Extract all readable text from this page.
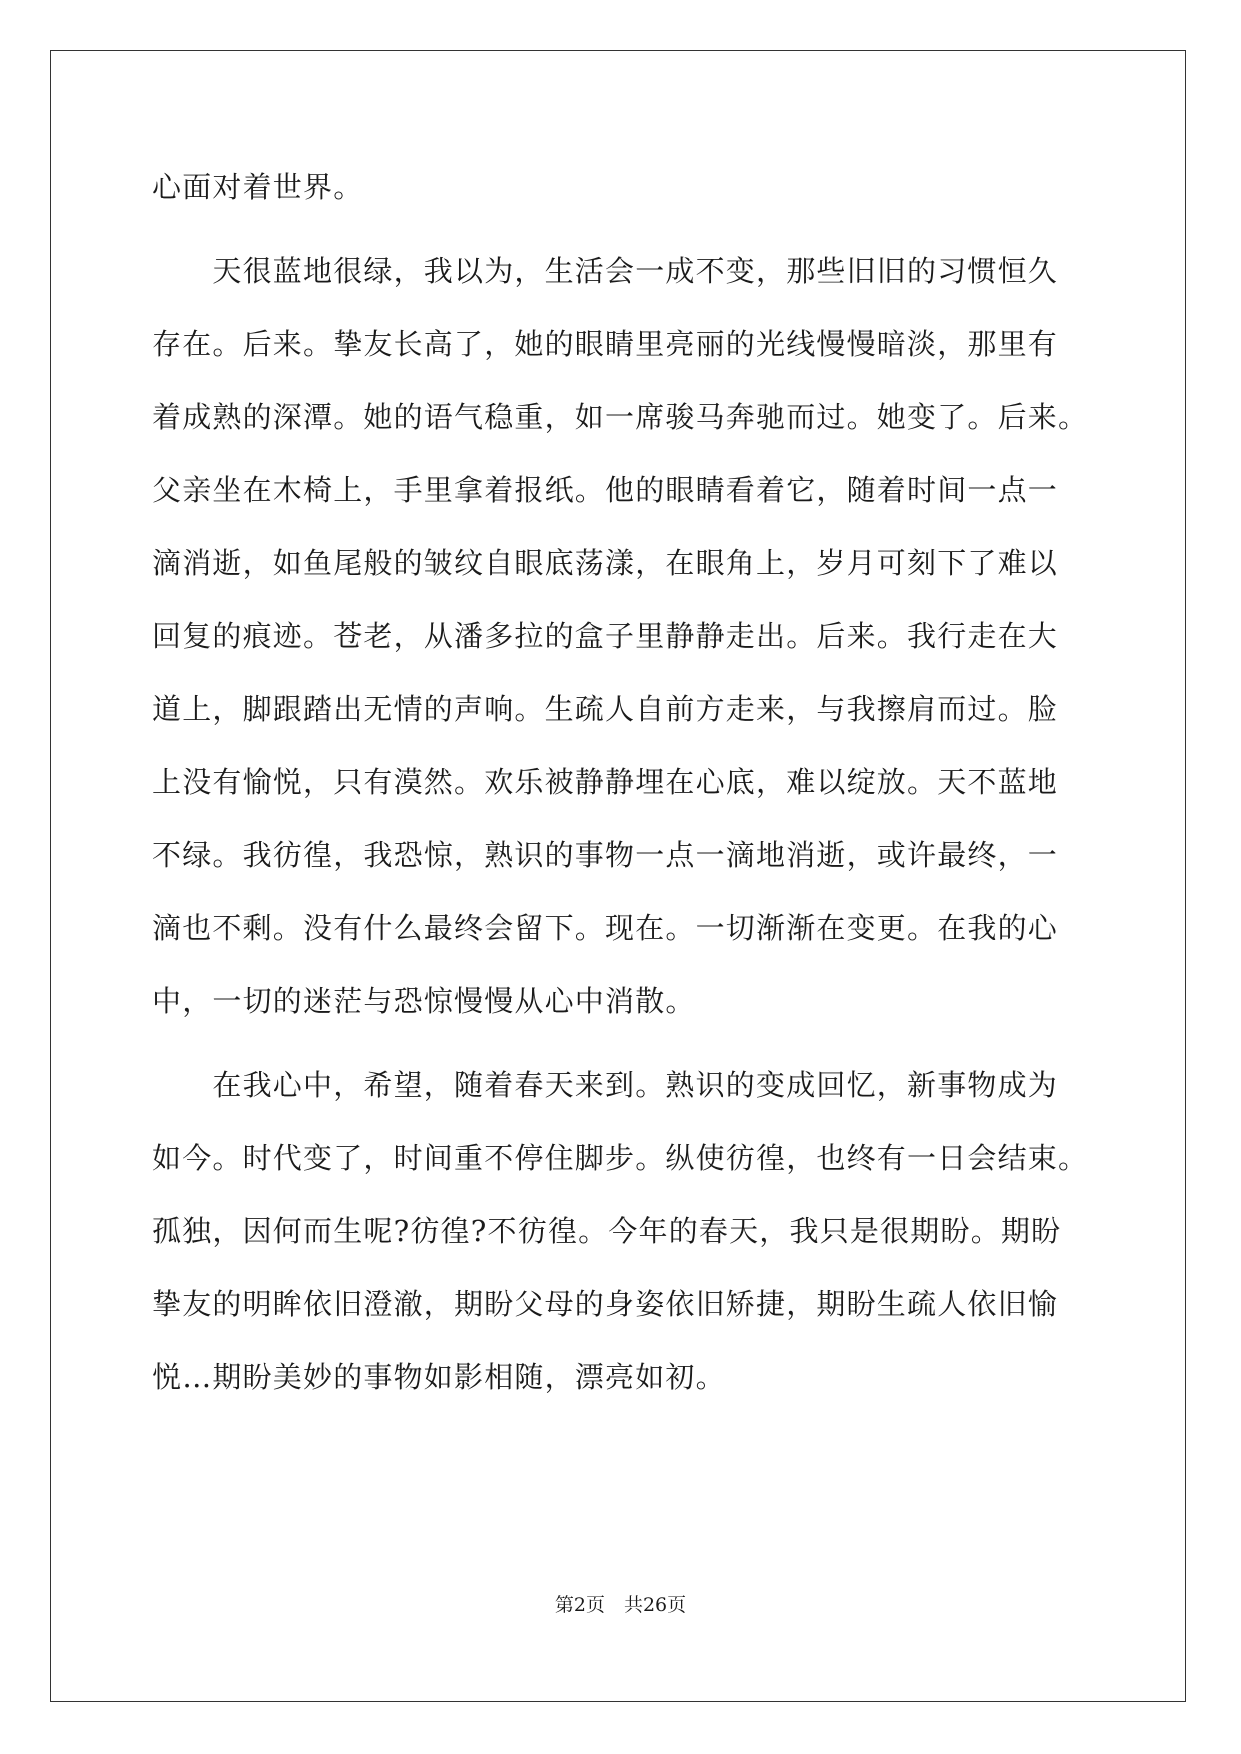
心面对着世界。
　　天很蓝地很绿，我以为，生活会一成不变，那些旧旧的习惯恒久
存在。后来。挚友长高了，她的眼睛里亮丽的光线慢慢暗淡，那里有
着成熟的深潭。她的语气稳重，如一席骏马奔驰而过。她变了。后来。
父亲坐在木椅上，手里拿着报纸。他的眼睛看着它，随着时间一点一
滴消逝，如鱼尾般的皱纹自眼底荡漾，在眼角上，岁月可刻下了难以
回复的痕迹。苍老，从潘多拉的盒子里静静走出。后来。我行走在大
道上，脚跟踏出无情的声响。生疏人自前方走来，与我擦肩而过。脸
上没有愉悦，只有漠然。欢乐被静静埋在心底，难以绽放。天不蓝地
不绿。我彷徨，我恐惊，熟识的事物一点一滴地消逝，或许最终，一
滴也不剩。没有什么最终会留下。现在。一切渐渐在变更。在我的心
中，一切的迷茫与恐惊慢慢从心中消散。
　　在我心中，希望，随着春天来到。熟识的变成回忆，新事物成为
如今。时代变了，时间重不停住脚步。纵使彷徨，也终有一日会结束。
孤独，因何而生呢?彷徨?不彷徨。今年的春天，我只是很期盼。期盼
挚友的明眸依旧澄澈，期盼父母的身姿依旧矫捷，期盼生疏人依旧愉
悦…期盼美妙的事物如影相随，漂亮如初。
第2页　共26页
